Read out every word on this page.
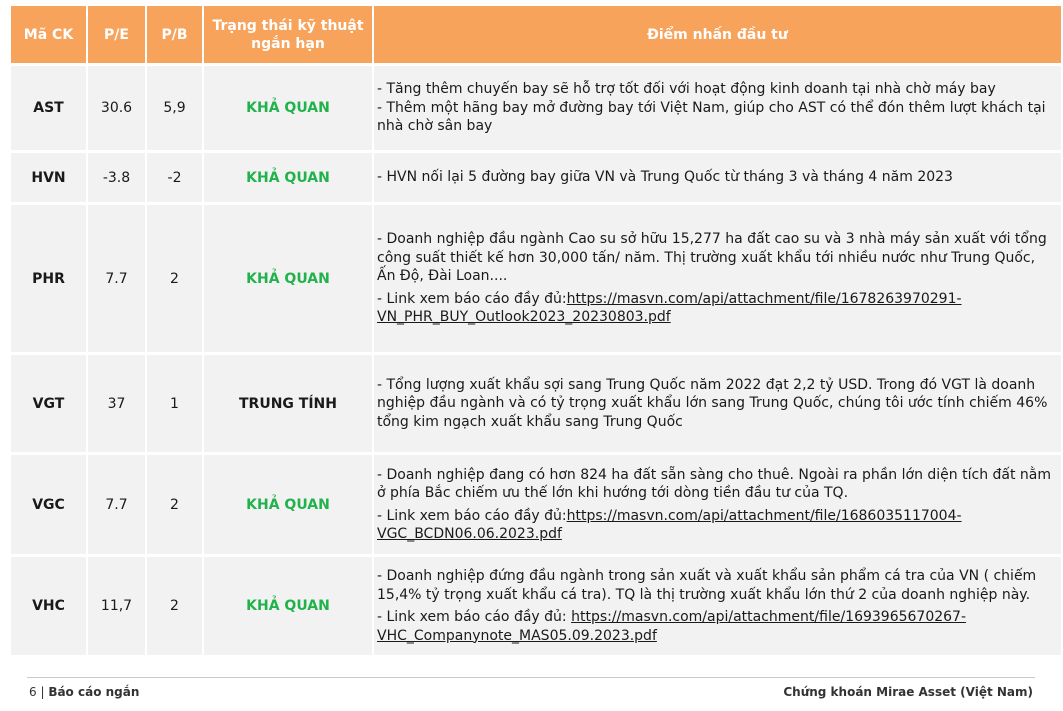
Mã CK	P/E	P/B	Trạng thái kỹ thuật ngắn hạn	Điểm nhấn đầu tư
AST	30.6	5,9	KHẢ QUAN	- Tăng thêm chuyến bay sẽ hỗ trợ tốt đối với hoạt động kinh doanh tại nhà chờ máy bay
- Thêm một hãng bay mở đường bay tới Việt Nam, giúp cho AST có thể đón thêm lượt khách tại nhà chờ sân bay

HVN	-3.8	-2	KHẢ QUAN	- HVN nối lại 5 đường bay giữa VN và Trung Quốc từ tháng 3 và tháng 4 năm 2023

PHR	7.7	2	KHẢ QUAN	- Doanh nghiệp đầu ngành Cao su sở hữu 15,277 ha đất cao su và 3 nhà máy sản xuất với tổng công suất thiết kế hơn 30,000 tấn/ năm. Thị trường xuất khẩu tới nhiều nước như Trung Quốc, Ấn Độ, Đài Loan....

- Link xem báo cáo đầy đủ:https://masvn.com/api/attachment/file/1678263970291-VN_PHR_BUY_Outlook2023_20230803.pdf

VGT	37	1	TRUNG TÍNH	- Tổng lượng xuất khẩu sợi sang Trung Quốc năm 2022 đạt 2,2 tỷ USD. Trong đó VGT là doanh nghiệp đầu ngành và có tỷ trọng xuất khẩu lớn sang Trung Quốc, chúng tôi ước tính chiếm 46% tổng kim ngạch xuất khẩu sang Trung Quốc

VGC	7.7	2	KHẢ QUAN	- Doanh nghiệp đang có hơn 824 ha đất sẵn sàng cho thuê. Ngoài ra phần lớn diện tích đất nằm ở phía Bắc chiếm ưu thế lớn khi hướng tới dòng tiền đầu tư của TQ.

- Link xem báo cáo đầy đủ:https://masvn.com/api/attachment/file/1686035117004-VGC_BCDN06.06.2023.pdf

VHC	11,7	2	KHẢ QUAN	- Doanh nghiệp đứng đầu ngành trong sản xuất và xuất khẩu sản phẩm cá tra của VN ( chiếm 15,4% tỷ trọng xuất khẩu cá tra). TQ là thị trường xuất khẩu lớn thứ 2 của doanh nghiệp này.

- Link xem báo cáo đầy đủ: https://masvn.com/api/attachment/file/1693965670267-VHC_Companynote_MAS05.09.2023.pdf

6 | Báo cáo ngắn	Chứng khoán Mirae Asset (Việt Nam)
